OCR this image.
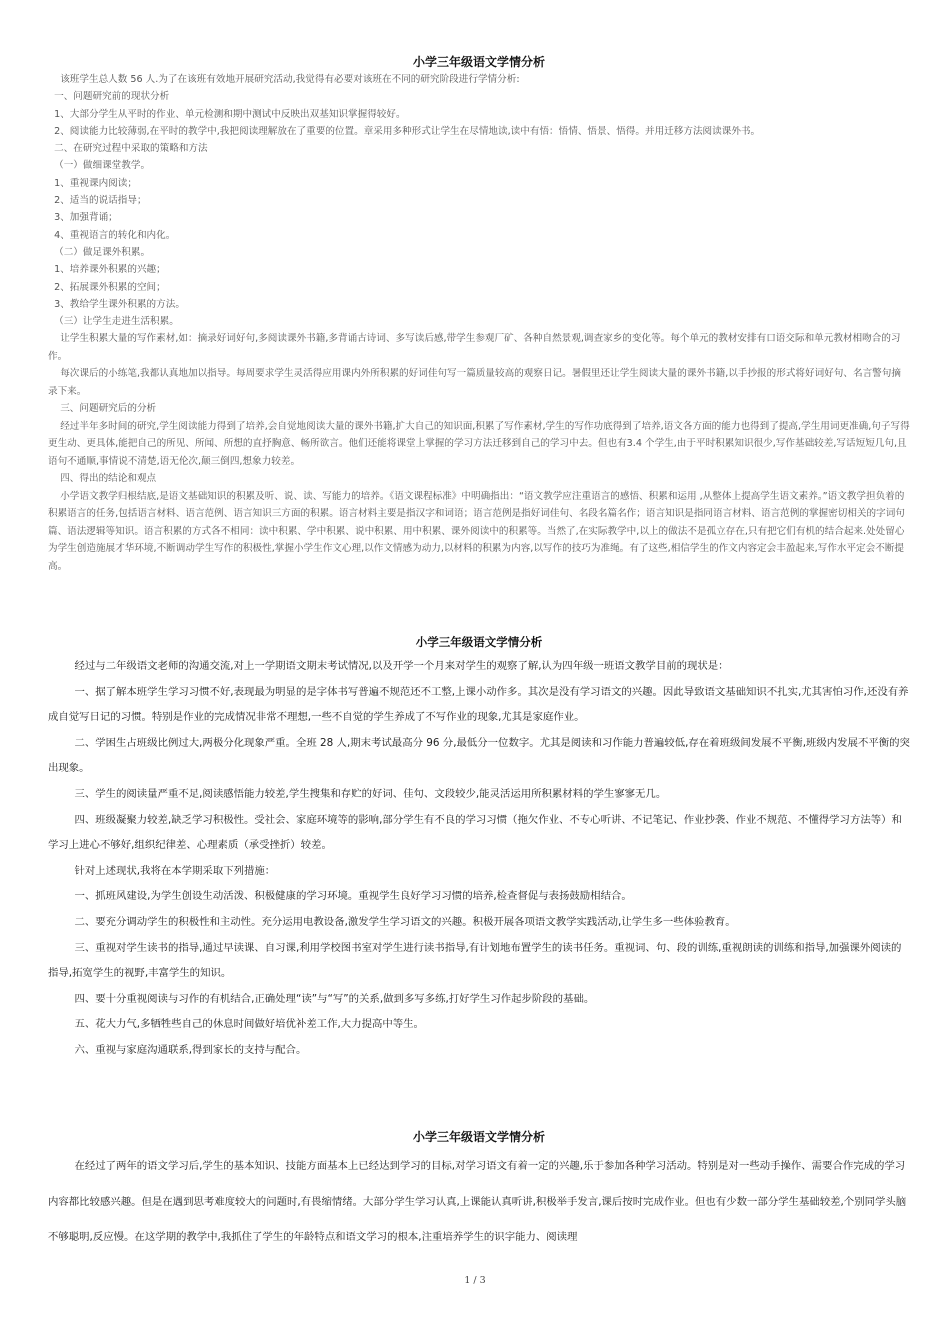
小学三年级语文学情分析

该班学生总人数 56 人.为了在该班有效地开展研究活动,我觉得有必要对该班在不同的研究阶段进行学情分析:

一、问题研究前的现状分析

1、大部分学生从平时的作业、单元检测和期中测试中反映出双基知识掌握得较好。

2、阅读能力比较薄弱,在平时的教学中,我把阅读理解放在了重要的位置。章采用多种形式让学生在尽情地读,读中有悟：悟情、悟景、悟得。并用迁移方法阅读课外书。

二、在研究过程中采取的策略和方法

（一）做细课堂教学。

1、重视课内阅读；

2、适当的说话指导；

3、加强背诵；

4、重视语言的转化和内化。

（二）做足课外积累。

1、培养课外积累的兴趣；

2、拓展课外积累的空间；

3、教给学生课外积累的方法。

（三）让学生走进生活积累。

让学生积累大量的写作素材,如：摘录好词好句,多阅读课外书籍,多背诵古诗词、多写读后感,带学生参观厂矿、各种自然景观,调查家乡的变化等。每个单元的教材安排有口语交际和单元教材相吻合的习作。

每次课后的小练笔,我都认真地加以指导。每周要求学生灵活得应用课内外所积累的好词佳句写一篇质量较高的观察日记。暑假里还让学生阅读大量的课外书籍,以手抄报的形式将好词好句、名言警句摘录下来。

三、问题研究后的分析

经过半年多时间的研究,学生阅读能力得到了培养,会自觉地阅读大量的课外书籍,扩大自己的知识面,积累了写作素材,学生的写作功底得到了培养,语文各方面的能力也得到了提高,学生用词更准确,句子写得更生动、更具体,能把自己的所见、所闻、所想的直抒胸意、畅所欲言。他们还能将课堂上掌握的学习方法迁移到自己的学习中去。但也有3.4 个学生,由于平时积累知识很少,写作基础较差,写话短短几句,且语句不通顺,事情说不清楚,语无伦次,颠三倒四,想象力较差。

四、得出的结论和观点

小学语文教学归根结底,是语文基础知识的积累及听、说、读、写能力的培养。《语文课程标准》中明确指出：“语文教学应注重语言的感悟、积累和运用 ,从整体上提高学生语文素养。”语文教学担负着的积累语言的任务,包括语言材料、语言范例、语言知识三方面的积累。语言材料主要是指汉字和词语；语言范例是指好词佳句、名段名篇名作；语言知识是指同语言材料、语言范例的掌握密切相关的字词句篇、语法逻辑等知识。语言积累的方式各不相同：读中积累、学中积累、说中积累、用中积累、课外阅读中的积累等。当然了,在实际教学中,以上的做法不是孤立存在,只有把它们有机的结合起来.处处留心为学生创造施展才华环境,不断调动学生写作的积极性,掌握小学生作文心理,以作文情感为动力,以材料的积累为内容,以写作的技巧为准绳。有了这些,相信学生的作文内容定会丰盈起来,写作水平定会不断提高。

小学三年级语文学情分析

经过与二年级语文老师的沟通交流,对上一学期语文期末考试情况,以及开学一个月来对学生的观察了解,认为四年级一班语文教学目前的现状是：

一、据了解本班学生学习习惯不好,表现最为明显的是字体书写普遍不规范还不工整,上课小动作多。其次是没有学习语文的兴趣。因此导致语文基础知识不扎实,尤其害怕习作,还没有养成自觉写日记的习惯。特别是作业的完成情况非常不理想,一些不自觉的学生养成了不写作业的现象,尤其是家庭作业。

二、学困生占班级比例过大,两极分化现象严重。全班 28 人,期末考试最高分 96 分,最低分一位数字。尤其是阅读和习作能力普遍较低,存在着班级间发展不平衡,班级内发展不平衡的突出现象。

三、学生的阅读量严重不足,阅读感悟能力较差,学生搜集和存贮的好词、佳句、文段较少,能灵活运用所积累材料的学生寥寥无几。

四、班级凝聚力较差,缺乏学习积极性。受社会、家庭环境等的影响,部分学生有不良的学习习惯（拖欠作业、不专心听讲、不记笔记、作业抄袭、作业不规范、不懂得学习方法等）和学习上进心不够好,组织纪律差、心理素质（承受挫折）较差。

针对上述现状,我将在本学期采取下列措施：

一、抓班风建设,为学生创设生动活泼、积极健康的学习环境。重视学生良好学习习惯的培养,检查督促与表扬鼓励相结合。

二、要充分调动学生的积极性和主动性。充分运用电教设备,激发学生学习语文的兴趣。积极开展各项语文教学实践活动,让学生多一些体验教育。

三、重视对学生读书的指导,通过早读课、自习课,利用学校图书室对学生进行读书指导,有计划地布置学生的读书任务。重视词、句、段的训练,重视朗读的训练和指导,加强课外阅读的指导,拓宽学生的视野,丰富学生的知识。

四、要十分重视阅读与习作的有机结合,正确处理“读”与“写”的关系,做到多写多练,打好学生习作起步阶段的基础。

五、花大力气,多牺牲些自己的休息时间做好培优补差工作,大力提高中等生。

六、重视与家庭沟通联系,得到家长的支持与配合。

小学三年级语文学情分析

在经过了两年的语文学习后,学生的基本知识、技能方面基本上已经达到学习的目标,对学习语文有着一定的兴趣,乐于参加各种学习活动。特别是对一些动手操作、需要合作完成的学习内容都比较感兴趣。但是在遇到思考难度较大的问题时,有畏缩情绪。大部分学生学习认真,上课能认真听讲,积极举手发言,课后按时完成作业。但也有少数一部分学生基础较差,个别同学头脑不够聪明,反应慢。在这学期的教学中,我抓住了学生的年龄特点和语文学习的根本,注重培养学生的识字能力、阅读理

1 / 3
